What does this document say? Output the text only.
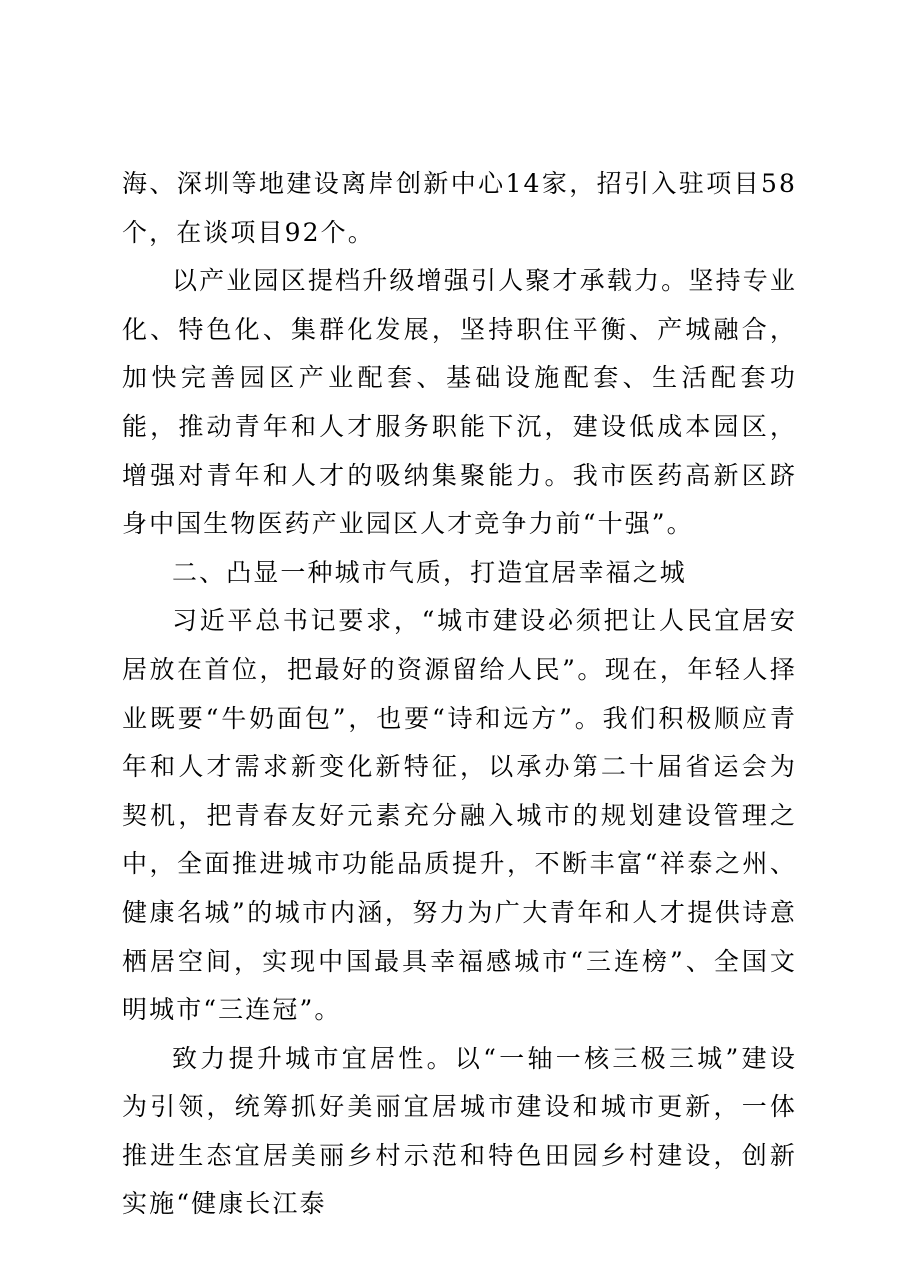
海、深圳等地建设离岸创新中心14家，招引入驻项目58个，在谈项目92个。

以产业园区提档升级增强引人聚才承载力。坚持专业化、特色化、集群化发展，坚持职住平衡、产城融合，加快完善园区产业配套、基础设施配套、生活配套功能，推动青年和人才服务职能下沉，建设低成本园区，增强对青年和人才的吸纳集聚能力。我市医药高新区跻身中国生物医药产业园区人才竞争力前“十强”。

二、凸显一种城市气质，打造宜居幸福之城

习近平总书记要求，“城市建设必须把让人民宜居安居放在首位，把最好的资源留给人民”。现在，年轻人择业既要“牛奶面包”，也要“诗和远方”。我们积极顺应青年和人才需求新变化新特征，以承办第二十届省运会为契机，把青春友好元素充分融入城市的规划建设管理之中，全面推进城市功能品质提升，不断丰富“祥泰之州、健康名城”的城市内涵，努力为广大青年和人才提供诗意栖居空间，实现中国最具幸福感城市“三连榜”、全国文明城市“三连冠”。

致力提升城市宜居性。以“一轴一核三极三城”建设为引领，统筹抓好美丽宜居城市建设和城市更新，一体推进生态宜居美丽乡村示范和特色田园乡村建设，创新实施“健康长江泰
